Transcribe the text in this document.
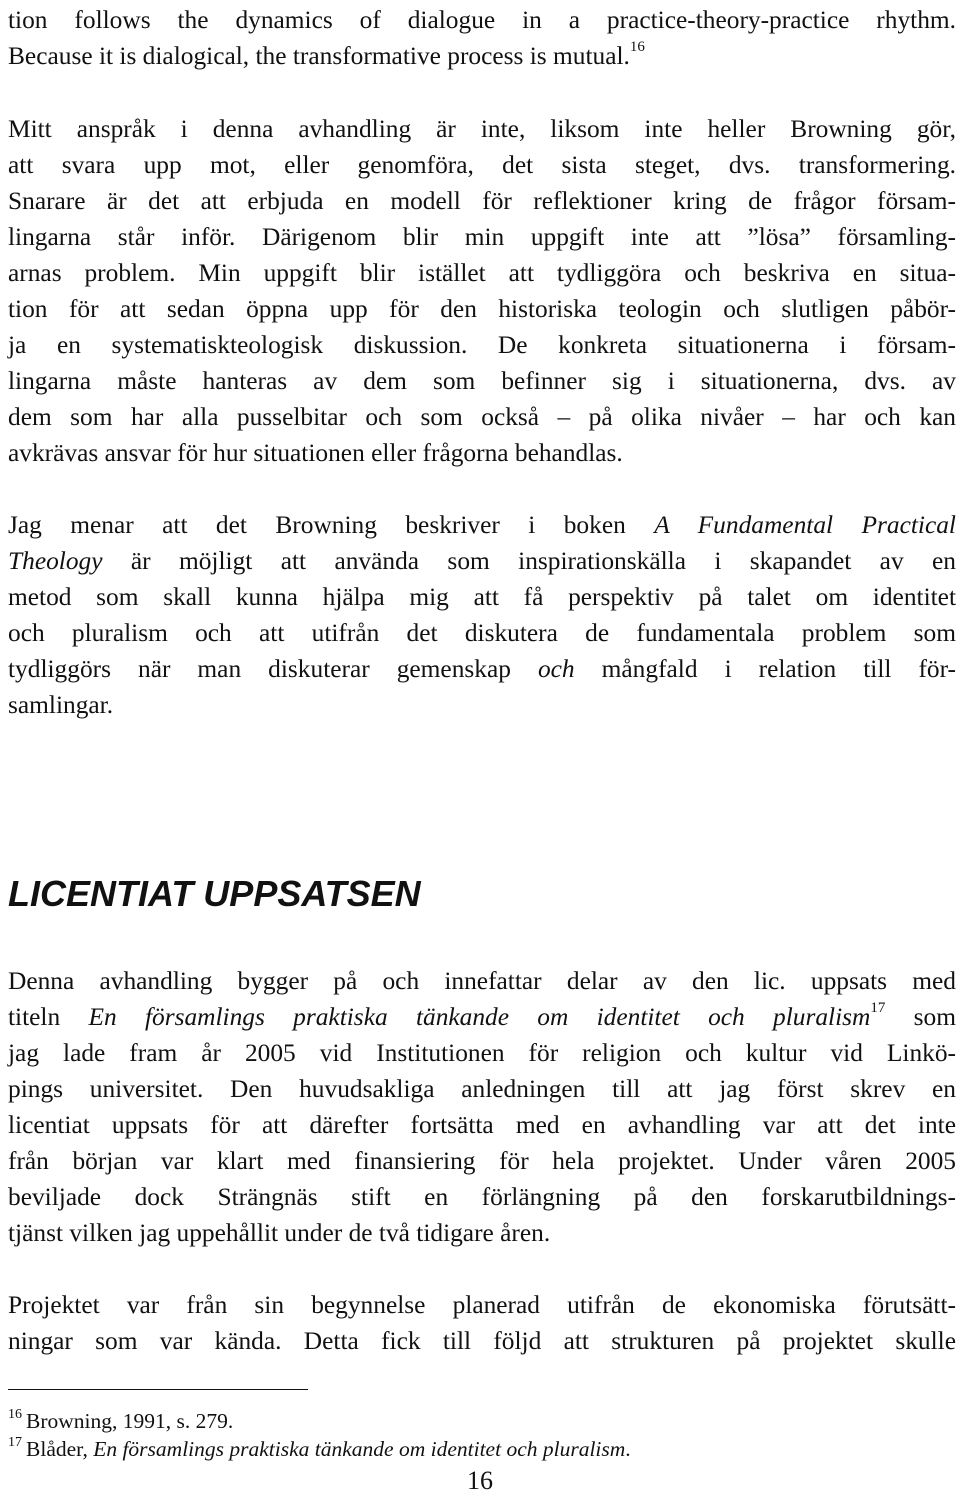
tion follows the dynamics of dialogue in a practice-theory-practice rhythm.
Because it is dialogical, the transformative process is mutual.$^{16}$
Mitt anspråk i denna avhandling är inte, liksom inte heller Browning gör,
att svara upp mot, eller genomföra, det sista steget, dvs. transformering.
Snarare är det att erbjuda en modell för reflektioner kring de frågor försam-
lingarna står inför. Därigenom blir min uppgift inte att ”lösa” församling-
arnas problem. Min uppgift blir istället att tydliggöra och beskriva en situa-
tion för att sedan öppna upp för den historiska teologin och slutligen påbör-
ja en systematiskteologisk diskussion. De konkreta situationerna i försam-
lingarna måste hanteras av dem som befinner sig i situationerna, dvs. av
dem som har alla pusselbitar och som också – på olika nivåer – har och kan
avkrävas ansvar för hur situationen eller frågorna behandlas.
Jag menar att det Browning beskriver i boken A Fundamental Practical
Theology är möjligt att använda som inspirationskälla i skapandet av en
metod som skall kunna hjälpa mig att få perspektiv på talet om identitet
och pluralism och att utifrån det diskutera de fundamentala problem som
tydliggörs när man diskuterar gemenskap och mångfald i relation till för-
samlingar.
LICENTIAT UPPSATSEN
Denna avhandling bygger på och innefattar delar av den lic. uppsats med
titeln En församlings praktiska tänkande om identitet och pluralism$^{17}$ som
jag lade fram år 2005 vid Institutionen för religion och kultur vid Linkö-
pings universitet. Den huvudsakliga anledningen till att jag först skrev en
licentiat uppsats för att därefter fortsätta med en avhandling var att det inte
från början var klart med finansiering för hela projektet. Under våren 2005
beviljade dock Strängnäs stift en förlängning på den forskarutbildnings-
tjänst vilken jag uppehållit under de två tidigare åren.
Projektet var från sin begynnelse planerad utifrån de ekonomiska förutsätt-
ningar som var kända. Detta fick till följd att strukturen på projektet skulle
$^{16}$ Browning, 1991, s. 279.
$^{17}$ Blåder, En församlings praktiska tänkande om identitet och pluralism.
16
